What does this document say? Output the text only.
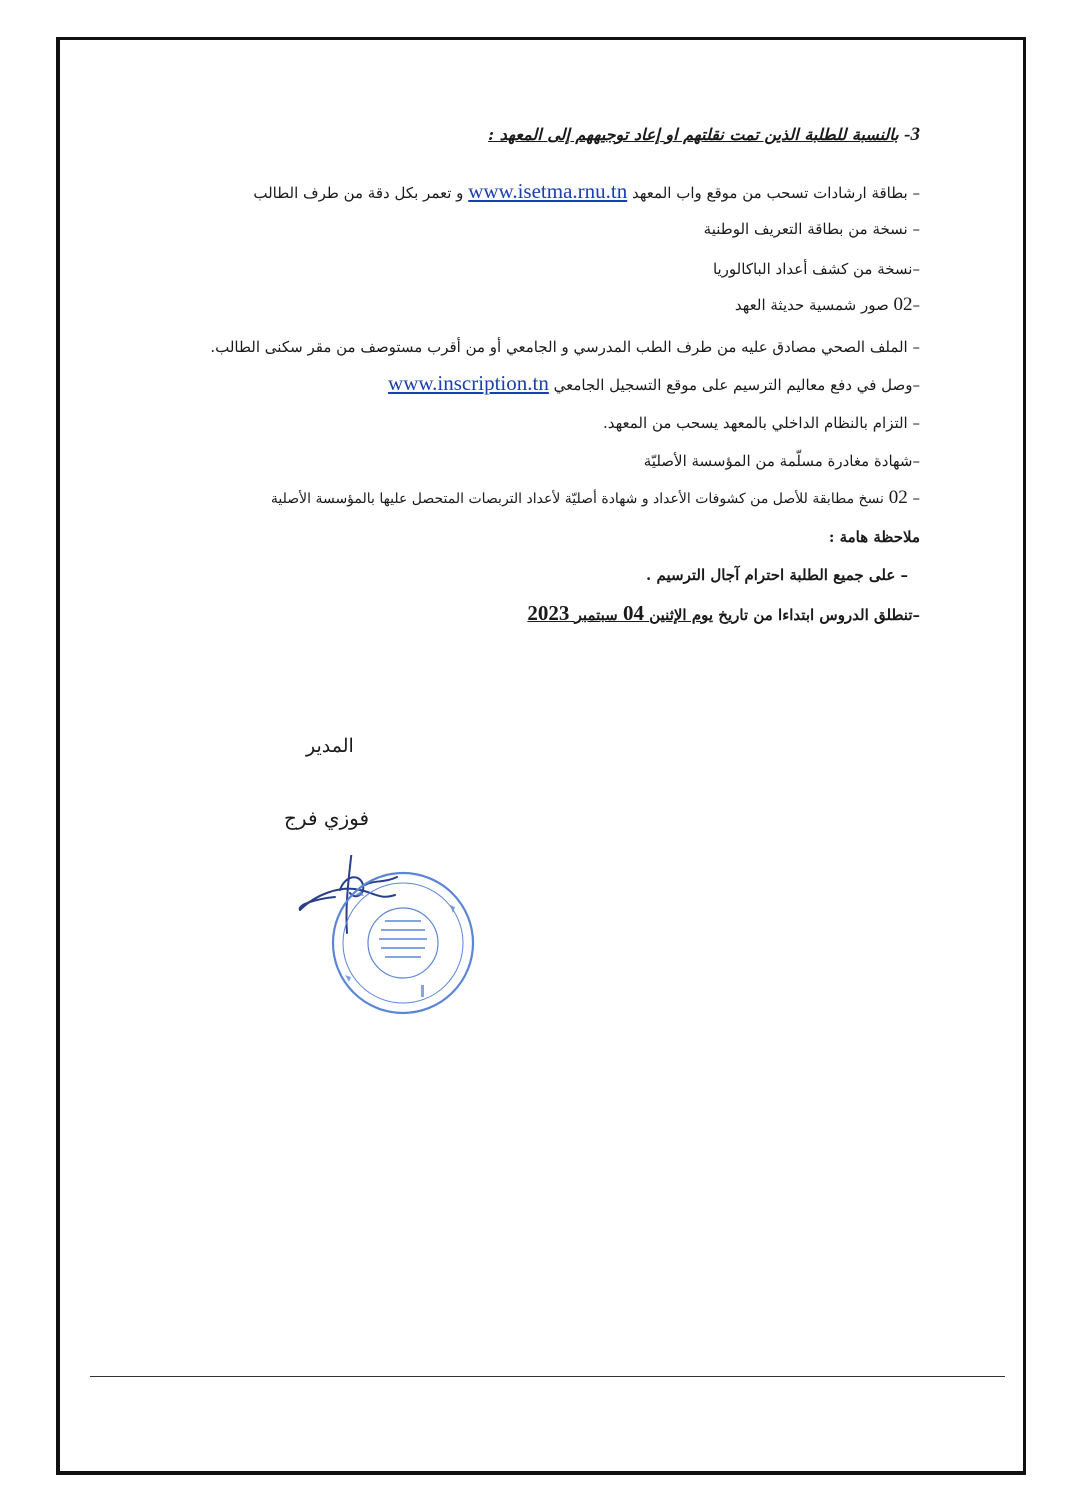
3- بالنسبة للطلبة الذين تمت نقلتهم او إعاد توجيههم إلى المعهد :
– بطاقة ارشادات تسحب من موقع واب المعهد www.isetma.rnu.tn و تعمر بكل دقة من طرف الطالب
– نسخة من بطاقة التعريف الوطنية
–نسخة من كشف أعداد الباكالوريا
–02 صور شمسية حديثة العهد
– الملف الصحي مصادق عليه من طرف الطب المدرسي و الجامعي أو من أقرب مستوصف من مقر سكنى الطالب.
–وصل في دفع معاليم الترسيم على موقع التسجيل الجامعي www.inscription.tn
– التزام بالنظام الداخلي بالمعهد يسحب من المعهد.
–شهادة مغادرة مسلّمة من المؤسسة الأصليّة
– 02 نسخ مطابقة للأصل من كشوفات الأعداد و شهادة أصليّة لأعداد التربصات المتحصل عليها بالمؤسسة الأصلية
ملاحظة هامة :
– على جميع الطلبة احترام آجال الترسيم .
–تنطلق الدروس ابتداءا من تاريخ يوم الإثنين 04 سبتمبر 2023
المدير
فوزي فرج
